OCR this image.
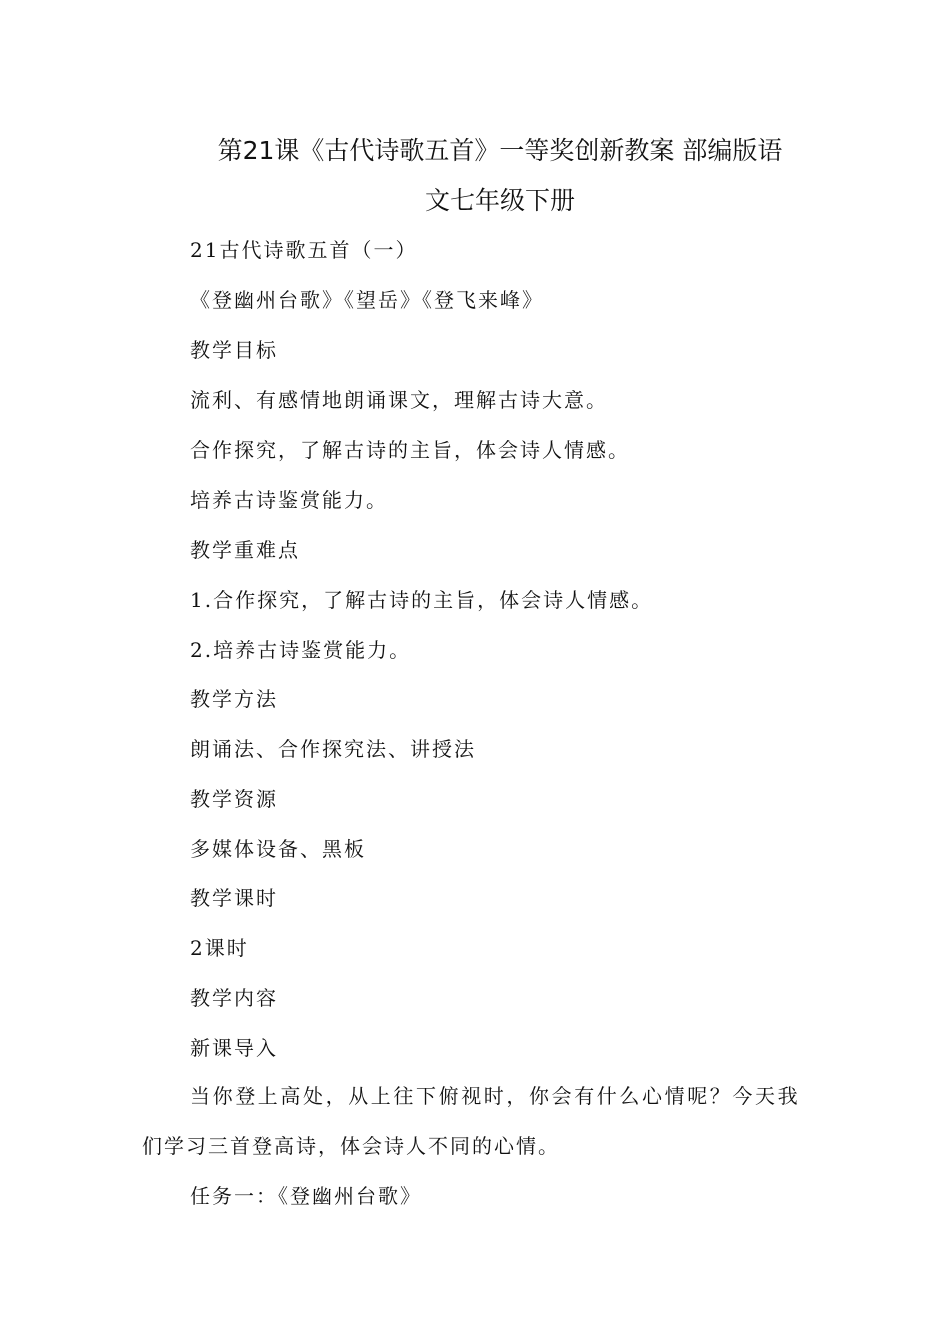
第21课《古代诗歌五首》一等奖创新教案 部编版语
文七年级下册
21古代诗歌五首（一）
《登幽州台歌》《望岳》《登飞来峰》
教学目标
流利、有感情地朗诵课文，理解古诗大意。
合作探究，了解古诗的主旨，体会诗人情感。
培养古诗鉴赏能力。
教学重难点
1.合作探究，了解古诗的主旨，体会诗人情感。
2.培养古诗鉴赏能力。
教学方法
朗诵法、合作探究法、讲授法
教学资源
多媒体设备、黑板
教学课时
2课时
教学内容
新课导入
当你登上高处，从上往下俯视时，你会有什么心情呢？今天我
们学习三首登高诗，体会诗人不同的心情。
任务一：《登幽州台歌》
